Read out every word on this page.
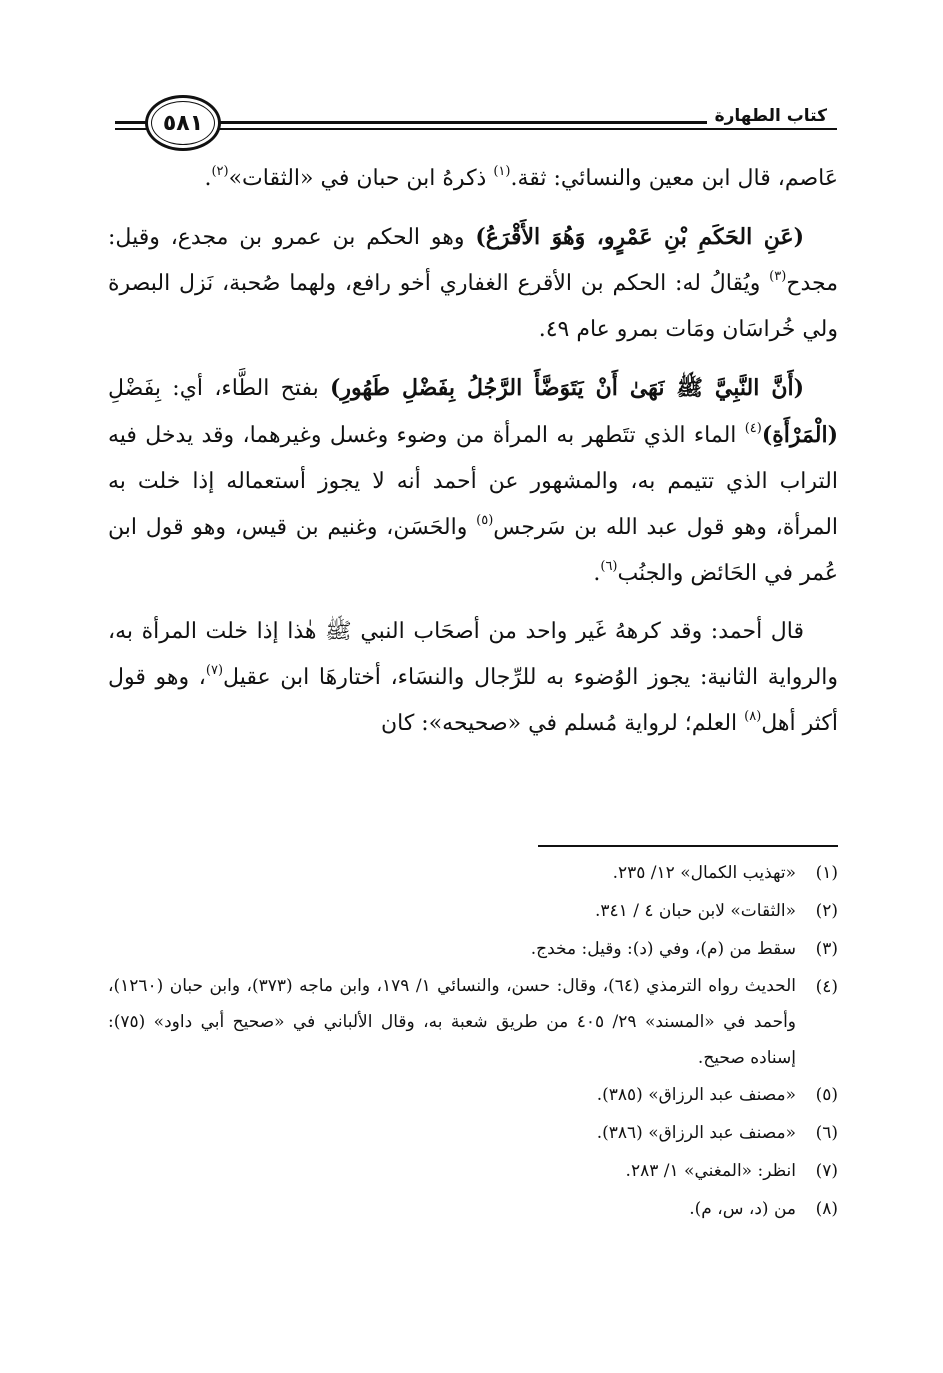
كتاب الطهارة
٥٨١

عَاصم، قال ابن معين والنسائي: ثقة.$^{(١)}$ ذكرهُ ابن حبان في «الثقات»$^{(٢)}$.

(عَنِ الحَكَمِ بْنِ عَمْرٍو، وَهُوَ الأَقْرَعُ) وهو الحكم بن عمرو بن مجدع، وقيل: مجدح$^{(٣)}$ ويُقالُ له: الحكم بن الأقرع الغفاري أخو رافع، ولهما صُحبة، نَزل البصرة ولي خُراسَان ومَات بمرو عام ٤٩.

(أَنَّ النَّبِيَّ ﷺ نَهَىٰ أَنْ يَتَوَضَّأَ الرَّجُلُ بِفَضْلِ طَهُورِ) بفتح الطَّاء، أي: بِفَضْلِ (الْمَرْأَةِ)$^{(٤)}$ الماء الذي تتَطهر به المرأة من وضوء وغسل وغيرهما، وقد يدخل فيه التراب الذي تتيمم به، والمشهور عن أحمد أنه لا يجوز أستعماله إذا خلت به المرأة، وهو قول عبد الله بن سَرجس$^{(٥)}$ والحَسَن، وغنيم بن قيس، وهو قول ابن عُمر في الحَائض والجنُب$^{(٦)}$.

قال أحمد: وقد كرههُ غَير واحد من أصحَاب النبي ﷺ هٰذا إذا خلت المرأة به، والرواية الثانية: يجوز الوُضوء به للرِّجال والنسَاء، أختارهَا ابن عقيل$^{(٧)}$، وهو قول أكثر أهل$^{(٨)}$ العلم؛ لرواية مُسلم في «صحيحه»: كان

(١)
«تهذيب الكمال» ١٢/ ٢٣٥.
(٢)
«الثقات» لابن حبان ٤ / ٣٤١.
(٣)
سقط من (م)، وفي (د): وقيل: مخدج.
(٤)
الحديث رواه الترمذي (٦٤)، وقال: حسن، والنسائي ١/ ١٧٩، وابن ماجه (٣٧٣)، وابن حبان (١٢٦٠)، وأحمد في «المسند» ٢٩/ ٤٠٥ من طريق شعبة به، وقال الألباني في «صحيح أبي داود» (٧٥): إسناده صحيح.
(٥)
«مصنف عبد الرزاق» (٣٨٥).
(٦)
«مصنف عبد الرزاق» (٣٨٦).
(٧)
انظر: «المغني» ١/ ٢٨٣.
(٨)
من (د، س، م).
